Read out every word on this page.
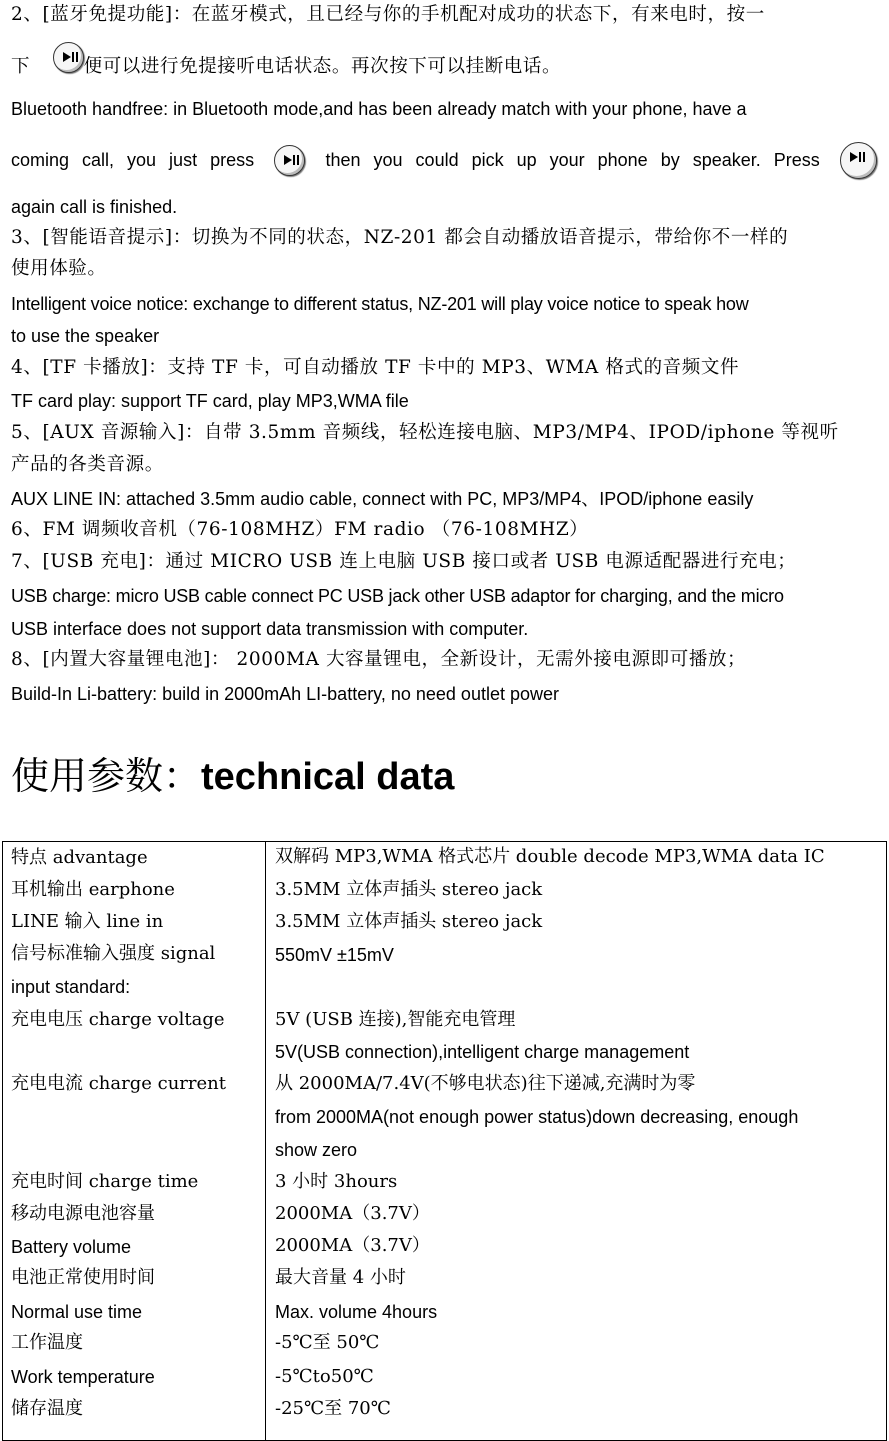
2、[蓝牙免提功能]：在蓝牙模式，且已经与你的手机配对成功的状态下，有来电时，按一
下	便可以进行免提接听电话状态。再次按下可以挂断电话。
Bluetooth handfree: in Bluetooth mode,and has been already match with your phone, have a
coming call, you just press	then you could pick up your phone by speaker. Press
again call is finished.
3、[智能语音提示]：切换为不同的状态，NZ-201 都会自动播放语音提示，带给你不一样的
使用体验。
Intelligent voice notice: exchange to different status, NZ-201 will play voice notice to speak how
to use the speaker
4、[TF 卡播放]：支持 TF 卡，可自动播放 TF 卡中的 MP3、WMA 格式的音频文件
TF card play: support TF card, play MP3,WMA file
5、[AUX 音源输入]：自带 3.5mm 音频线，轻松连接电脑、MP3/MP4、IPOD/iphone 等视听
产品的各类音源。
AUX LINE IN: attached 3.5mm audio cable, connect with PC, MP3/MP4、IPOD/iphone easily
6、FM 调频收音机（76-108MHZ）FM radio （76-108MHZ）
7、[USB 充电]：通过 MICRO USB 连上电脑 USB 接口或者 USB 电源适配器进行充电；
USB charge: micro USB cable connect PC USB jack other USB adaptor for charging, and the micro
USB interface does not support data transmission with computer.
8、[内置大容量锂电池]： 2000MA 大容量锂电，全新设计，无需外接电源即可播放；
Build-In Li-battery: build in 2000mAh LI-battery, no need outlet power
使用参数：technical data
特点 advantage
耳机输出 earphone
LINE 输入 line in
信号标准输入强度 signal
input standard:
充电电压 charge voltage
充电电流 charge current
充电时间 charge time
移动电源电池容量
Battery volume
电池正常使用时间
Normal use time
工作温度
Work temperature
储存温度
双解码 MP3,WMA 格式芯片 double decode MP3,WMA data IC
3.5MM 立体声插头 stereo jack
3.5MM 立体声插头 stereo jack
550mV ±15mV
5V (USB 连接),智能充电管理
5V(USB connection),intelligent charge management
从 2000MA/7.4V(不够电状态)往下递减,充满时为零
from 2000MA(not enough power status)down decreasing, enough
show zero
3 小时 3hours
2000MA（3.7V）
2000MA（3.7V）
最大音量 4 小时
Max. volume 4hours
-5℃至 50℃
-5℃to50℃
-25℃至 70℃
